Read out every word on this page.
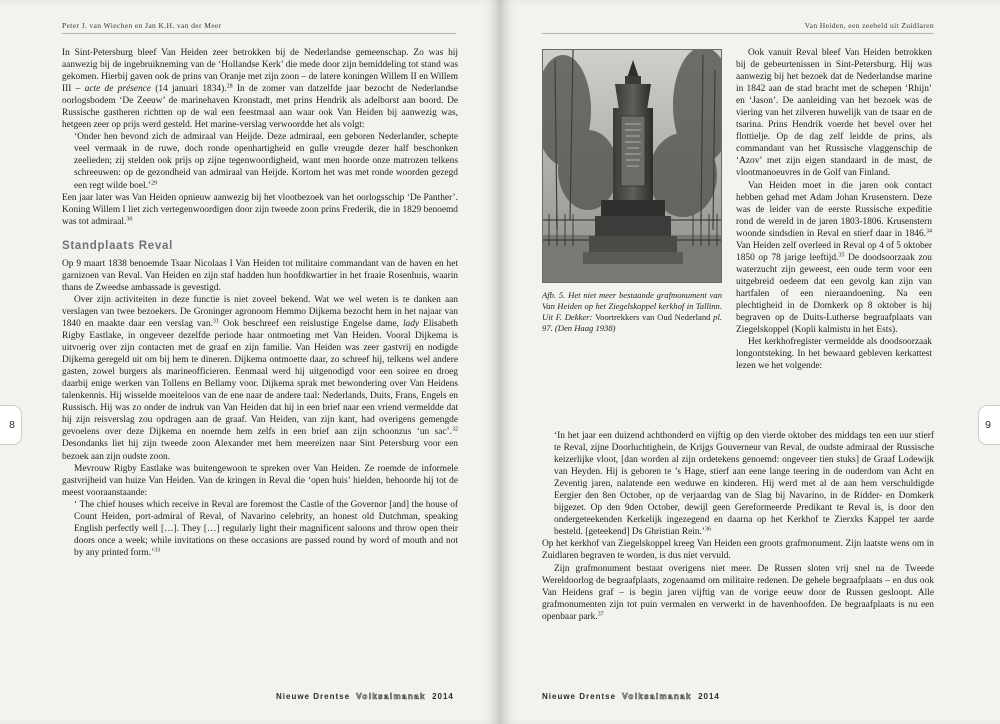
Peter J. van Wiechen en Jan K.H. van der Meer

In Sint-Petersburg bleef Van Heiden zeer betrokken bij de Nederlandse gemeenschap. Zo was hij aanwezig bij de ingebruikneming van de ‘Hollandse Kerk’ die mede door zijn bemiddeling tot stand was gekomen. Hierbij gaven ook de prins van Oranje met zijn zoon – de latere koningen Willem II en Willem III – acte de présence (14 januari 1834).$^{28}$ In de zomer van datzelfde jaar bezocht de Nederlandse oorlogsbodem ‘De Zeeuw’ de marinehaven Kronstadt, met prins Hendrik als adelborst aan boord. De Russische gastheren richtten op de wal een feestmaal aan waar ook Van Heiden bij aanwezig was, hetgeen zeer op prijs werd gesteld. Het marine-verslag verwoordde het als volgt:

‘Onder hen bevond zich de admiraal van Heijde. Deze admiraal, een geboren Nederlander, schepte veel vermaak in de ruwe, doch ronde openhartigheid en gulle vreugde dezer half beschonken zeelieden; zij stelden ook prijs op zijne tegenwoordigheid, want men hoorde onze matrozen telkens schreeuwen: op de gezondheid van admiraal van Heijde. Kortom het was met ronde woorden gezegd een regt wilde boel.’$^{29}$

Een jaar later was Van Heiden opnieuw aanwezig bij het vlootbezoek van het oorlogsschip ‘De Panther’. Koning Willem I liet zich vertegenwoordigen door zijn tweede zoon prins Frederik, die in 1829 benoemd was tot admiraal.$^{30}$

Standplaats Reval

Op 9 maart 1838 benoemde Tsaar Nicolaas I Van Heiden tot militaire commandant van de haven en het garnizoen van Reval. Van Heiden en zijn staf hadden hun hoofdkwartier in het fraaie Rosenhuis, waarin thans de Zweedse ambassade is gevestigd.

Over zijn activiteiten in deze functie is niet zoveel bekend. Wat we wel weten is te danken aan verslagen van twee bezoekers. De Groninger agronoom Hemmo Dijkema bezocht hem in het najaar van 1840 en maakte daar een verslag van.$^{31}$ Ook beschreef een reislustige Engelse dame, lady Elisabeth Rigby Eastlake, in ongeveer dezelfde periode haar ontmoeting met Van Heiden. Vooral Dijkema is uitvoerig over zijn contacten met de graaf en zijn familie. Van Heiden was zeer gastvrij en nodigde Dijkema geregeld uit om bij hem te dineren. Dijkema ontmoette daar, zo schreef hij, telkens wel andere gasten, zowel burgers als marineofficieren. Eenmaal werd hij uitgenodigd voor een soiree en droeg daarbij enige werken van Tollens en Bellamy voor. Dijkema sprak met bewondering over Van Heidens talenkennis. Hij wisselde moeiteloos van de ene naar de andere taal: Nederlands, Duits, Frans, Engels en Russisch. Hij was zo onder de indruk van Van Heiden dat hij in een brief naar een vriend vermeldde dat hij zijn reisverslag zou opdragen aan de graaf. Van Heiden, van zijn kant, had overigens gemengde gevoelens over deze Dijkema en noemde hem zelfs in een brief aan zijn schoonzus ‘un sac’.$^{32}$ Desondanks liet hij zijn tweede zoon Alexander met hem meereizen naar Sint Petersburg voor een bezoek aan zijn oudste zoon.

Mevrouw Rigby Eastlake was buitengewoon te spreken over Van Heiden. Ze roemde de informele gastvrijheid van huize Van Heiden. Van de kringen in Reval die ‘open huis’ hielden, behoorde hij tot de meest vooraanstaande:

‘ The chief houses which receive in Reval are foremost the Castle of the Governor [and] the house of Count Heiden, port-admiral of Reval, of Navarino celebrity, an honest old Dutchman, speaking English perfectly well […]. They […] regularly light their magnificent saloons and throw open their doors once a week; while invitations on these occasions are passed round by word of mouth and not by any printed form.’$^{33}$

8
Nieuwe Drentse Volksalmanak 2014
Van Heiden, een zeeheld uit Zuidlaren

Afb. 5. Het niet meer bestaande grafmonument van Van Heiden op het Ziegelskoppel kerkhof in Tallinn. Uit F. Dekker: Voortrekkers van Oud Nederland pl. 97. (Den Haag 1938)

Ook vanuit Reval bleef Van Heiden betrokken bij de gebeurtenissen in Sint-Petersburg. Hij was aanwezig bij het bezoek dat de Nederlandse marine in 1842 aan de stad bracht met de schepen ‘Rhijn’ en ‘Jason’. De aanleiding van het bezoek was de viering van het zilveren huwelijk van de tsaar en de tsarina. Prins Hendrik voerde het bevel over het flottielje. Op de dag zelf leidde de prins, als commandant van het Russische vlaggenschip de ‘Azov’ met zijn eigen standaard in de mast, de vlootmanoeuvres in de Golf van Finland.

Van Heiden moet in die jaren ook contact hebben gehad met Adam Johan Krusenstern. Deze was de leider van de eerste Russische expeditie rond de wereld in de jaren 1803-1806. Krusenstern woonde sindsdien in Reval en stierf daar in 1846.34 Van Heiden zelf overleed in Reval op 4 of 5 oktober 1850 op 78 jarige leeftijd.$^{35}$ De doodsoorzaak zou waterzucht zijn geweest, een oude term voor een uitgebreid oedeem dat een gevolg kan zijn van hartfalen of een nieraandoening. Na een plechtigheid in de Domkerk op 8 oktober is hij begraven op de Duits-Lutherse begraafplaats van Ziegelskoppel (Kopli kalmistu in het Ests).

Het kerkhofregister vermeldde als doodsoorzaak longontsteking. In het bewaard gebleven kerkattest lezen we het volgende:

‘In het jaar een duizend achthonderd en vijftig op den vierde oktober des middags ten een uur stierf te Reval, zijne Doorluchtighein, de Krijgs Gouverneur van Reval, de oudste admiraal der Russische keizerlijke vloot, [dan worden al zijn ordetekens genoemd: ongeveer tien stuks] de Graaf Lodewijk van Heyden. Hij is geboren te ’s Hage, stierf aan eene lange teering in de ouderdom van Acht en Zeventig jaren, nalatende een weduwe en kinderen. Hij werd met al de aan hem verschuldigde Eergier den 8en October, op de verjaardag van de Slag bij Navarino, in de Ridder- en Domkerk bijgezet. Op den 9den October, dewijl geen Gereformeerde Predikant te Reval is, is door den ondergeteekenden Kerkelijk ingezegend en daarna op het Kerkhof te Zierxks Kappel ter aarde besteld. [geteekend] Ds Ghristian Rein.’$^{36}$

Op het kerkhof van Ziegelskoppel kreeg Van Heiden een groots grafmonument. Zijn laatste wens om in Zuidlaren begraven te worden, is dus niet vervuld.

Zijn grafmonument bestaat overigens niet meer. De Russen sloten vrij snel na de Tweede Wereldoorlog de begraafplaats, zogenaamd om militaire redenen. De gehele begraafplaats – en dus ook Van Heidens graf – is begin jaren vijftig van de vorige eeuw door de Russen gesloopt. Alle grafmonumenten zijn tot puin vermalen en verwerkt in de havenhoofden. De begraafplaats is nu een openbaar park.$^{37}$

9
Nieuwe Drentse Volksalmanak 2014
